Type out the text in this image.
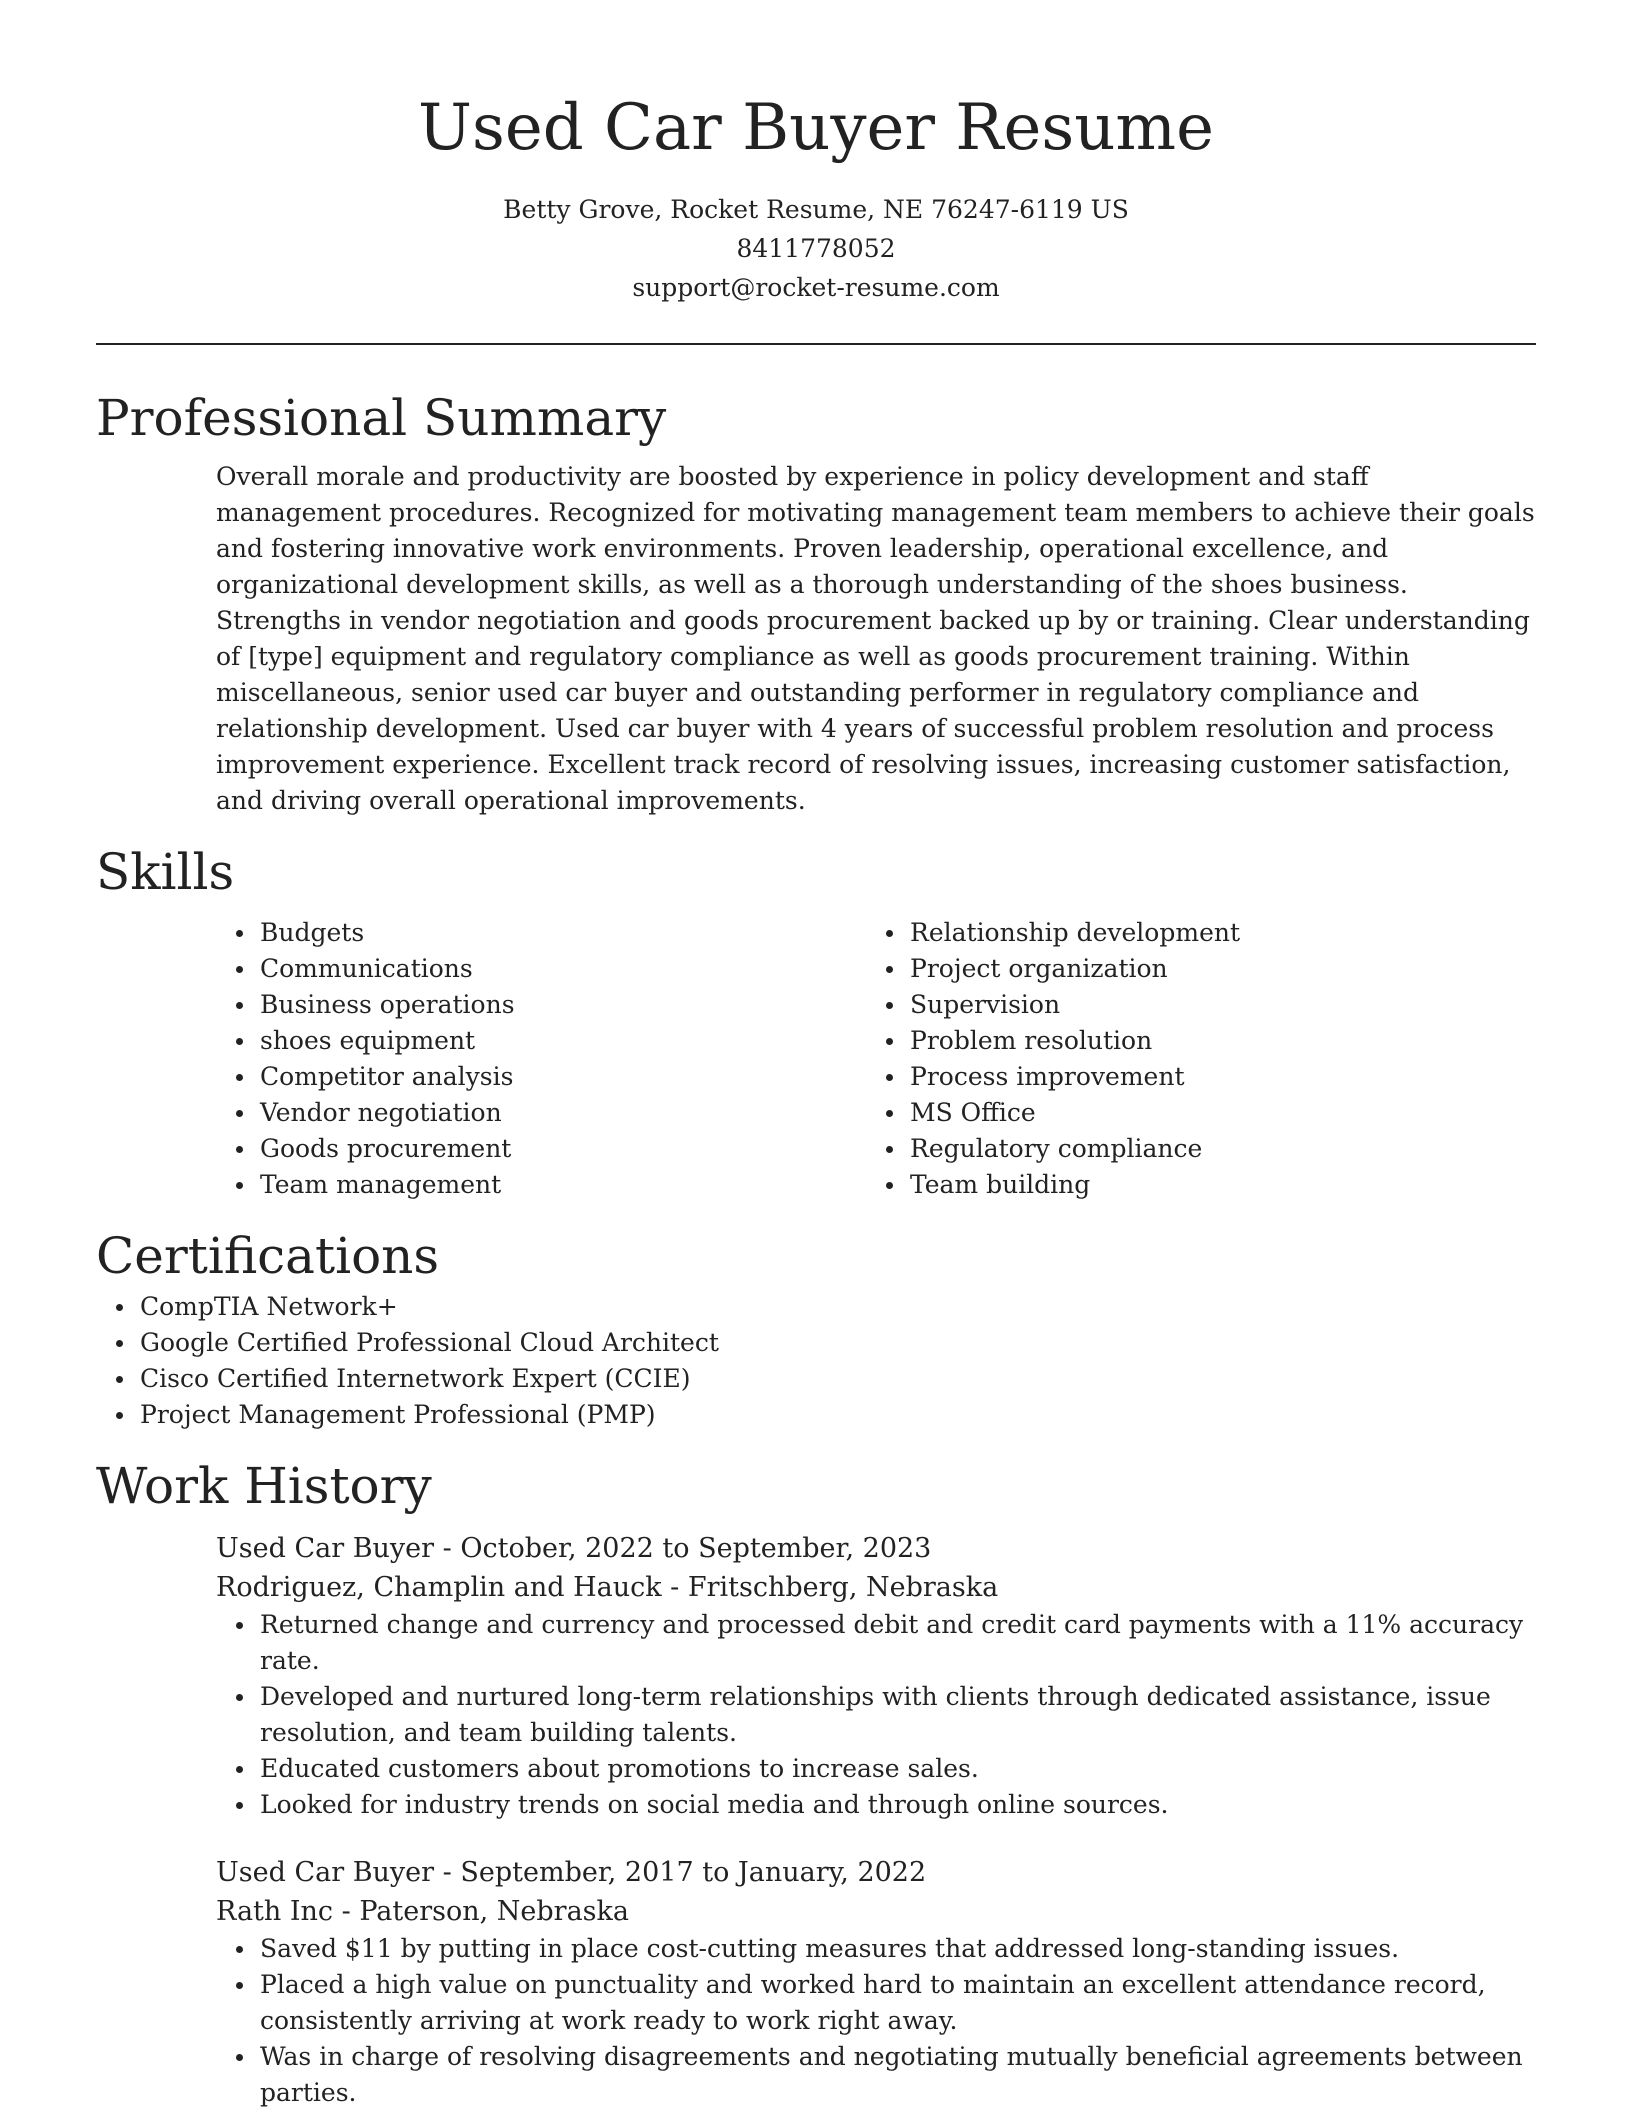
Used Car Buyer Resume
Betty Grove, Rocket Resume, NE 76247-6119 US
8411778052
support@rocket-resume.com
Professional Summary
Overall morale and productivity are boosted by experience in policy development and staff management procedures. Recognized for motivating management team members to achieve their goals and fostering innovative work environments. Proven leadership, operational excellence, and organizational development skills, as well as a thorough understanding of the shoes business. Strengths in vendor negotiation and goods procurement backed up by or training. Clear understanding of [type] equipment and regulatory compliance as well as goods procurement training. Within miscellaneous, senior used car buyer and outstanding performer in regulatory compliance and relationship development. Used car buyer with 4 years of successful problem resolution and process improvement experience. Excellent track record of resolving issues, increasing customer satisfaction, and driving overall operational improvements.
Skills
Budgets
Communications
Business operations
shoes equipment
Competitor analysis
Vendor negotiation
Goods procurement
Team management
Relationship development
Project organization
Supervision
Problem resolution
Process improvement
MS Office
Regulatory compliance
Team building
Certifications
CompTIA Network+
Google Certified Professional Cloud Architect
Cisco Certified Internetwork Expert (CCIE)
Project Management Professional (PMP)
Work History
Used Car Buyer - October, 2022 to September, 2023
Rodriguez, Champlin and Hauck - Fritschberg, Nebraska
Returned change and currency and processed debit and credit card payments with a 11% accuracy rate.
Developed and nurtured long-term relationships with clients through dedicated assistance, issue resolution, and team building talents.
Educated customers about promotions to increase sales.
Looked for industry trends on social media and through online sources.
Used Car Buyer - September, 2017 to January, 2022
Rath Inc - Paterson, Nebraska
Saved $11 by putting in place cost-cutting measures that addressed long-standing issues.
Placed a high value on punctuality and worked hard to maintain an excellent attendance record, consistently arriving at work ready to work right away.
Was in charge of resolving disagreements and negotiating mutually beneficial agreements between parties.
